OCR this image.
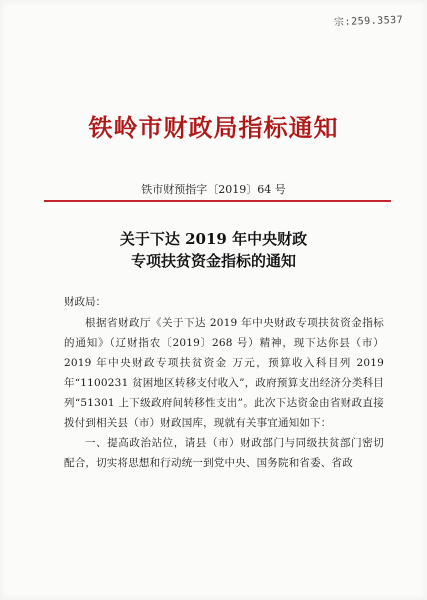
宗:259.3537
铁岭市财政局指标通知
铁市财预指字〔2019〕64 号
关于下达 2019 年中央财政
专项扶贫资金指标的通知

财政局：

根据省财政厅《关于下达 2019 年中央财政专项扶贫资金指标的通知》（辽财指农〔2019〕268 号）精神，现下达你县（市）2019 年中央财政专项扶贫资金 万元，预算收入科目列 2019 年“1100231 贫困地区转移支付收入”，政府预算支出经济分类科目列“51301 上下级政府间转移性支出”。此次下达资金由省财政直接拨付到相关县（市）财政国库，现就有关事宜通知如下：

一、提高政治站位，请县（市）财政部门与同级扶贫部门密切配合，切实将思想和行动统一到党中央、国务院和省委、省政
